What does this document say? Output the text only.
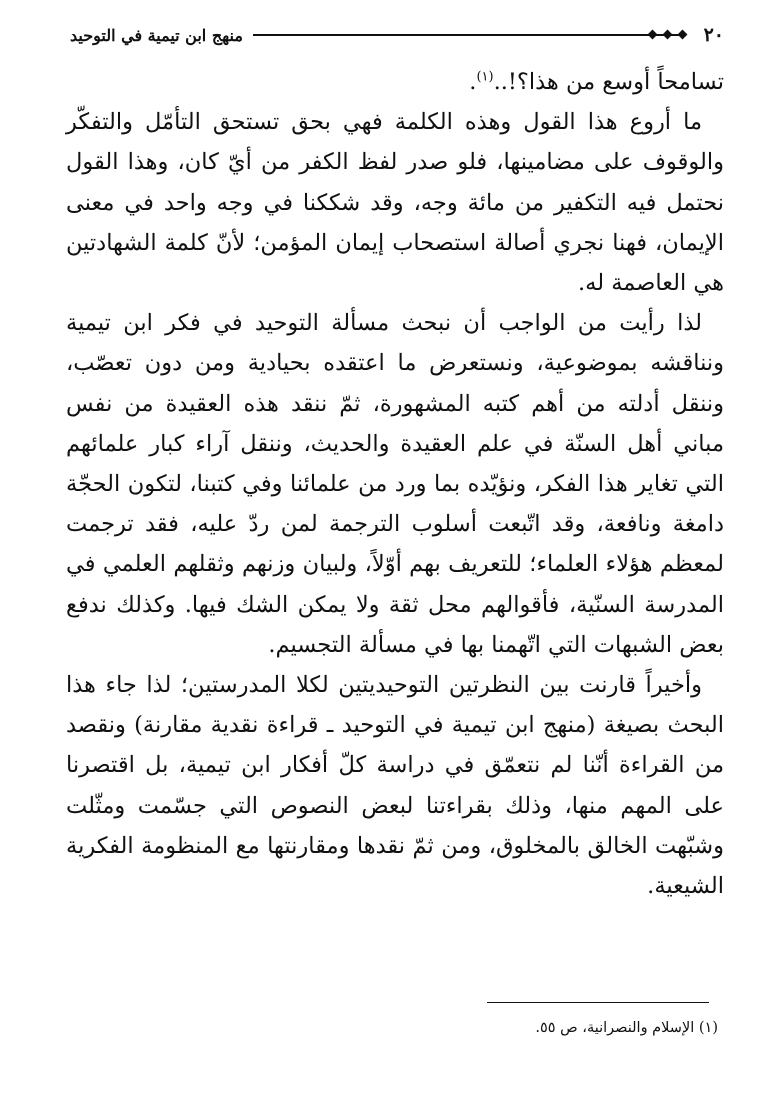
٢٠
منهج ابن تيمية في التوحيد

تسامحاً أوسع من هذا؟!..$^{(١)}$.

ما أروع هذا القول وهذه الكلمة فهي بحق تستحق التأمّل والتفكّر والوقوف على مضامينها، فلو صدر لفظ الكفر من أيّ كان، وهذا القول نحتمل فيه التكفير من مائة وجه، وقد شككنا في وجه واحد في معنى الإيمان، فهنا نجري أصالة استصحاب إيمان المؤمن؛ لأنّ كلمة الشهادتين هي العاصمة له.

لذا رأيت من الواجب أن نبحث مسألة التوحيد في فكر ابن تيمية ونناقشه بموضوعية، ونستعرض ما اعتقده بحيادية ومن دون تعصّب، وننقل أدلته من أهم كتبه المشهورة، ثمّ ننقد هذه العقيدة من نفس مباني أهل السنّة في علم العقيدة والحديث، وننقل آراء كبار علمائهم التي تغاير هذا الفكر، ونؤيّده بما ورد من علمائنا وفي كتبنا، لتكون الحجّة دامغة ونافعة، وقد اتّبعت أسلوب الترجمة لمن ردّ عليه، فقد ترجمت لمعظم هؤلاء العلماء؛ للتعريف بهم أوّلاً، ولبيان وزنهم وثقلهم العلمي في المدرسة السنّية، فأقوالهم محل ثقة ولا يمكن الشك فيها. وكذلك ندفع بعض الشبهات التي اتّهمنا بها في مسألة التجسيم.

وأخيراً قارنت بين النظرتين التوحيديتين لكلا المدرستين؛ لذا جاء هذا البحث بصيغة (منهج ابن تيمية في التوحيد ـ قراءة نقدية مقارنة) ونقصد من القراءة أنّنا لم نتعمّق في دراسة كلّ أفكار ابن تيمية، بل اقتصرنا على المهم منها، وذلك بقراءتنا لبعض النصوص التي جسّمت ومثّلت وشبّهت الخالق بالمخلوق، ومن ثمّ نقدها ومقارنتها مع المنظومة الفكرية الشيعية.

(١) الإسلام والنصرانية، ص ٥٥.
